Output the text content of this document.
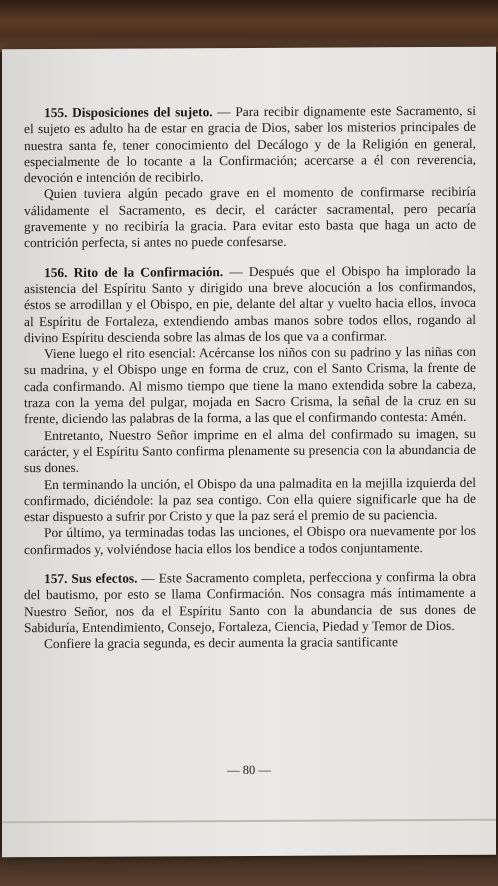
155. Disposiciones del sujeto. — Para recibir dignamente este Sacramento, si el sujeto es adulto ha de estar en gracia de Dios, saber los misterios principales de nuestra santa fe, tener conocimiento del Decálogo y de la Religión en general, especialmente de lo tocante a la Confirmación; acercarse a él con reverencia, devoción e intención de recibirlo.

Quien tuviera algún pecado grave en el momento de confirmarse recibiría válidamente el Sacramento, es decir, el carácter sacramental, pero pecaría gravemente y no recibiría la gracia. Para evitar esto basta que haga un acto de contrición perfecta, si antes no puede confesarse.

156. Rito de la Confirmación. — Después que el Obispo ha implorado la asistencia del Espíritu Santo y dirigido una breve alocución a los confirmandos, éstos se arrodillan y el Obispo, en pie, delante del altar y vuelto hacia ellos, invoca al Espíritu de Fortaleza, extendiendo ambas manos sobre todos ellos, rogando al divino Espíritu descienda sobre las almas de los que va a confirmar.

Viene luego el rito esencial: Acércanse los niños con su padrino y las niñas con su madrina, y el Obispo unge en forma de cruz, con el Santo Crisma, la frente de cada confirmando. Al mismo tiempo que tiene la mano extendida sobre la cabeza, traza con la yema del pulgar, mojada en Sacro Crisma, la señal de la cruz en su frente, diciendo las palabras de la forma, a las que el confirmando contesta: Amén.

Entretanto, Nuestro Señor imprime en el alma del confirmado su imagen, su carácter, y el Espíritu Santo confirma plenamente su presencia con la abundancia de sus dones.

En terminando la unción, el Obispo da una palmadita en la mejilla izquierda del confirmado, diciéndole: la paz sea contigo. Con ella quiere significarle que ha de estar dispuesto a sufrir por Cristo y que la paz será el premio de su paciencia.

Por último, ya terminadas todas las unciones, el Obispo ora nuevamente por los confirmados y, volviéndose hacia ellos los bendice a todos conjuntamente.

157. Sus efectos. — Este Sacramento completa, perfecciona y confirma la obra del bautismo, por esto se llama Confirmación. Nos consagra más íntimamente a Nuestro Señor, nos da el Espíritu Santo con la abundancia de sus dones de Sabiduría, Entendimiento, Consejo, Fortaleza, Ciencia, Piedad y Temor de Dios.

Confiere la gracia segunda, es decir aumenta la gracia santificante

— 80 —
